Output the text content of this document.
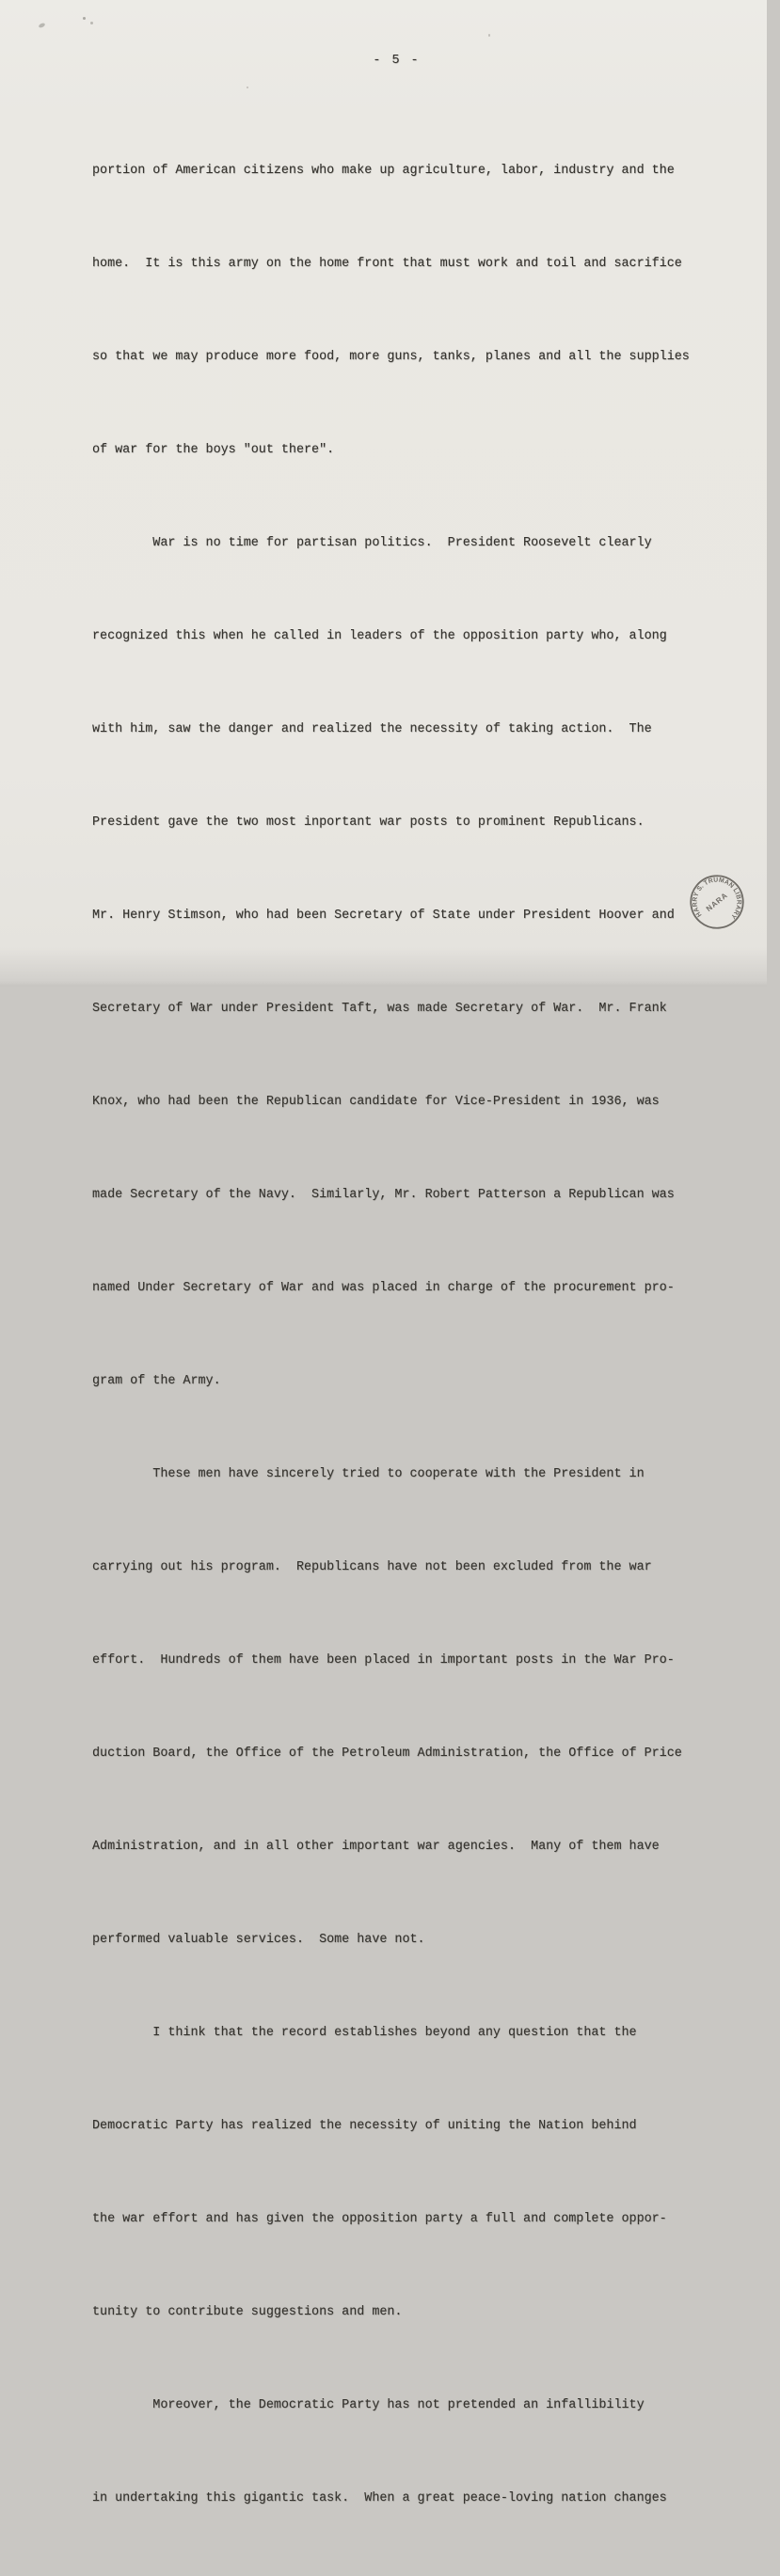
- 5 -

portion of American citizens who make up agriculture, labor, industry and the

home.  It is this army on the home front that must work and toil and sacrifice

so that we may produce more food, more guns, tanks, planes and all the supplies

of war for the boys "out there".

War is no time for partisan politics.  President Roosevelt clearly

recognized this when he called in leaders of the opposition party who, along

with him, saw the danger and realized the necessity of taking action.  The

President gave the two most inportant war posts to prominent Republicans.

Mr. Henry Stimson, who had been Secretary of State under President Hoover and

Secretary of War under President Taft, was made Secretary of War.  Mr. Frank

Knox, who had been the Republican candidate for Vice-President in 1936, was

made Secretary of the Navy.  Similarly, Mr. Robert Patterson a Republican was

named Under Secretary of War and was placed in charge of the procurement pro-

gram of the Army.

These men have sincerely tried to cooperate with the President in

carrying out his program.  Republicans have not been excluded from the war

effort.  Hundreds of them have been placed in important posts in the War Pro-

duction Board, the Office of the Petroleum Administration, the Office of Price

Administration, and in all other important war agencies.  Many of them have

performed valuable services.  Some have not.

I think that the record establishes beyond any question that the

Democratic Party has realized the necessity of uniting the Nation behind

the war effort and has given the opposition party a full and complete oppor-

tunity to contribute suggestions and men.

Moreover, the Democratic Party has not pretended an infallibility

in undertaking this gigantic task.  When a great peace-loving nation changes

HARRY S. TRUMAN LIBRARY
NARA
